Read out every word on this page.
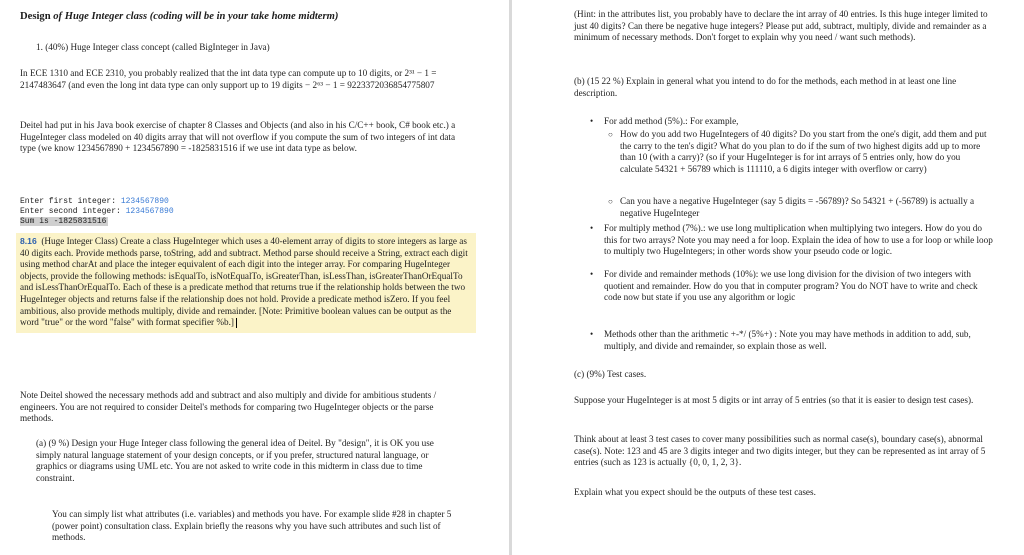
Design of Huge Integer class (coding will be in your take home midterm)
1. (40%) Huge Integer class concept (called BigInteger in Java)
In ECE 1310 and ECE 2310, you probably realized that the int data type can compute up to 10 digits, or 2³¹ − 1 = 2147483647 (and even the long int data type can only support up to 19 digits − 2⁶³ − 1 = 9223372036854775807
Deitel had put in his Java book exercise of chapter 8 Classes and Objects (and also in his C/C++ book, C# book etc.) a HugeInteger class modeled on 40 digits array that will not overflow if you compute the sum of two integers of int data type (we know 1234567890 + 1234567890 = -1825831516 if we use int data type as below.
Enter first integer: 1234567890
Enter second integer: 1234567890
Sum is -1825831516
8.16 (Huge Integer Class) Create a class HugeInteger which uses a 40-element array of digits to store integers as large as 40 digits each. Provide methods parse, toString, add and subtract. Method parse should receive a String, extract each digit using method charAt and place the integer equivalent of each digit into the integer array. For comparing HugeInteger objects, provide the following methods: isEqualTo, isNotEqualTo, isGreaterThan, isLessThan, isGreaterThanOrEqualTo and isLessThanOrEqualTo. Each of these is a predicate method that returns true if the relationship holds between the two HugeInteger objects and returns false if the relationship does not hold. Provide a predicate method isZero. If you feel ambitious, also provide methods multiply, divide and remainder. [Note: Primitive boolean values can be output as the word "true" or the word "false" with format specifier %b.]
Note Deitel showed the necessary methods add and subtract and also multiply and divide for ambitious students / engineers. You are not required to consider Deitel's methods for comparing two HugeInteger objects or the parse methods.
(a) (9 %) Design your Huge Integer class following the general idea of Deitel. By "design", it is OK you use simply natural language statement of your design concepts, or if you prefer, structured natural language, or graphics or diagrams using UML etc. You are not asked to write code in this midterm in class due to time constraint.
You can simply list what attributes (i.e. variables) and methods you have. For example slide #28 in chapter 5 (power point) consultation class. Explain briefly the reasons why you have such attributes and such list of methods.
(Hint: in the attributes list, you probably have to declare the int array of 40 entries. Is this huge integer limited to just 40 digits? Can there be negative huge integers? Please put add, subtract, multiply, divide and remainder as a minimum of necessary methods. Don't forget to explain why you need / want such methods).
(b) (15 22 %) Explain in general what you intend to do for the methods, each method in at least one line description.
• For add method (5%).: For example,
○ How do you add two HugeIntegers of 40 digits? Do you start from the one's digit, add them and put the carry to the ten's digit? What do you plan to do if the sum of two highest digits add up to more than 10 (with a carry)? (so if your HugeInteger is for int arrays of 5 entries only, how do you calculate 54321 + 56789 which is 111110, a 6 digits integer with overflow or carry)
○ Can you have a negative HugeInteger (say 5 digits = -56789)? So 54321 + (-56789) is actually a negative HugeInteger
• For multiply method (7%).: we use long multiplication when multiplying two integers. How do you do this for two arrays? Note you may need a for loop. Explain the idea of how to use a for loop or while loop to multiply two HugeIntegers; in other words show your pseudo code or logic.
• For divide and remainder methods (10%): we use long division for the division of two integers with quotient and remainder. How do you that in computer program? You do NOT have to write and check code now but state if you use any algorithm or logic
• Methods other than the arithmetic +-*/ (5%+) : Note you may have methods in addition to add, sub, multiply, and divide and remainder, so explain those as well.
(c) (9%) Test cases.
Suppose your HugeInteger is at most 5 digits or int array of 5 entries (so that it is easier to design test cases).
Think about at least 3 test cases to cover many possibilities such as normal case(s), boundary case(s), abnormal case(s). Note: 123 and 45 are 3 digits integer and two digits integer, but they can be represented as int array of 5 entries (such as 123 is actually {0, 0, 1, 2, 3}.
Explain what you expect should be the outputs of these test cases.
